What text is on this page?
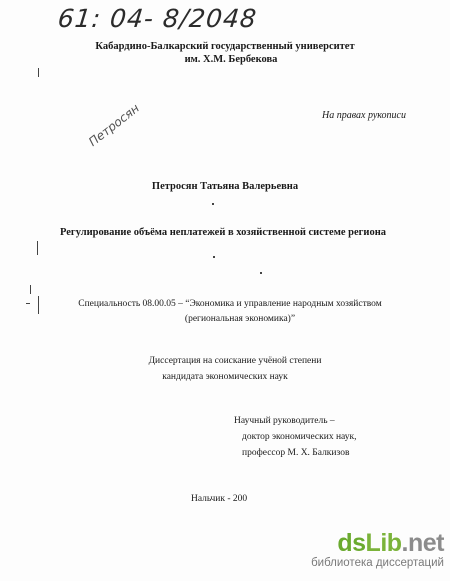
61: 04- 8/2048
Кабардино-Балкарский государственный университет
им. Х.М. Бербекова
На правах рукописи
Петросян
Петросян Татьяна Валерьевна
Регулирование объёма неплатежей в хозяйственной системе региона
Специальность 08.00.05 – “Экономика и управление народным хозяйством
(региональная экономика)”
Диссертация на соискание учёной степени
кандидата экономических наук
Научный руководитель –
доктор экономических наук,
профессор М. Х. Балкизов
Нальчик - 200
dsLib.net
библиотека диссертаций
